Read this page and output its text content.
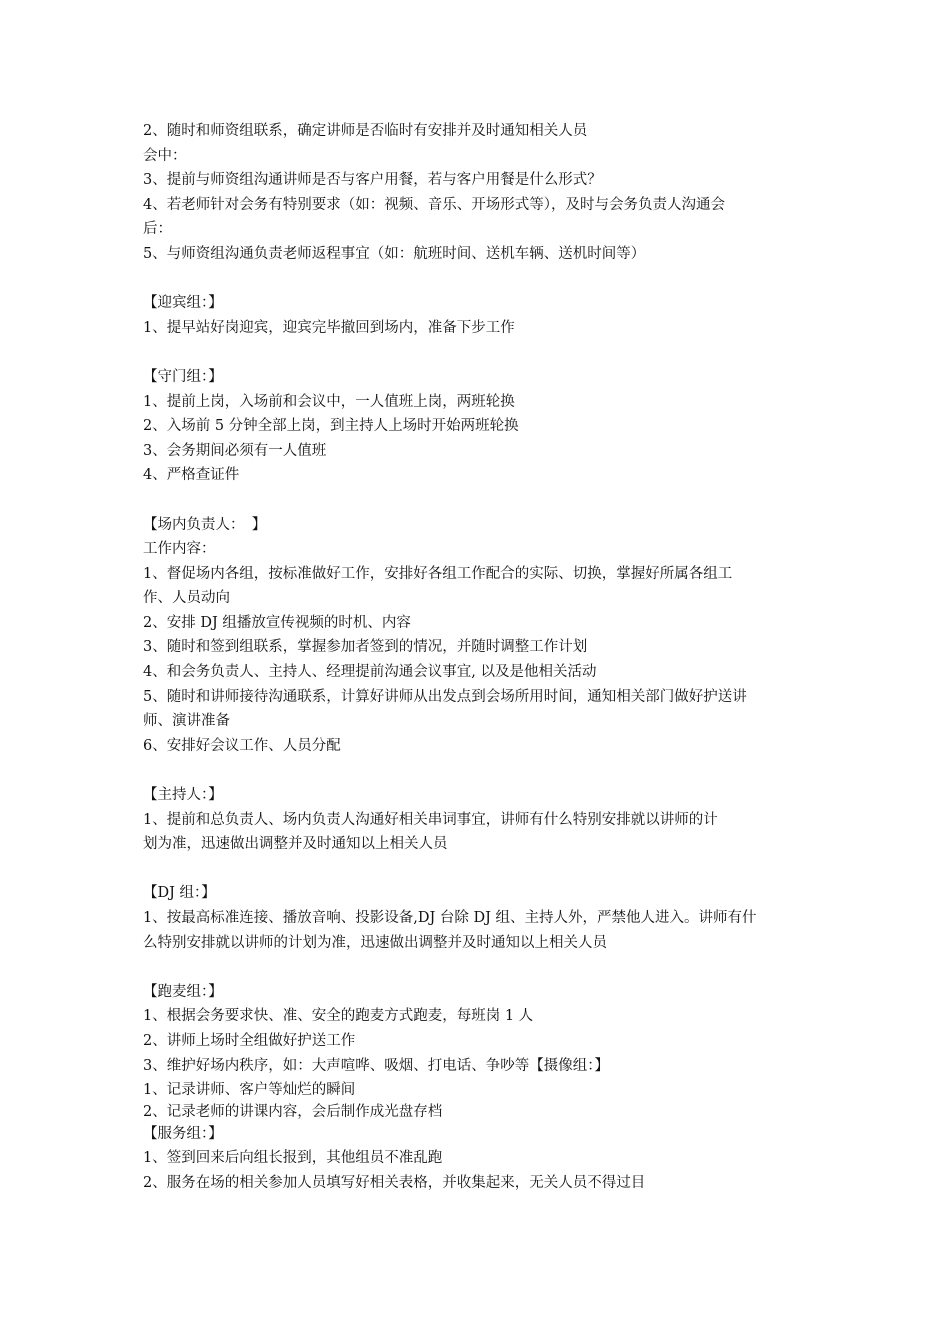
2、随时和师资组联系，确定讲师是否临时有安排并及时通知相关人员
会中：
3、提前与师资组沟通讲师是否与客户用餐，若与客户用餐是什么形式？
4、若老师针对会务有特别要求（如：视频、音乐、开场形式等），及时与会务负责人沟通会
后：
5、与师资组沟通负责老师返程事宜（如：航班时间、送机车辆、送机时间等）
【迎宾组：】
1、提早站好岗迎宾，迎宾完毕撤回到场内，准备下步工作
【守门组：】
1、提前上岗，入场前和会议中，一人值班上岗，两班轮换
2、入场前 5 分钟全部上岗，到主持人上场时开始两班轮换
3、会务期间必须有一人值班
4、严格查证件
【场内负责人：　】
工作内容：
1、督促场内各组，按标准做好工作，安排好各组工作配合的实际、切换，掌握好所属各组工
作、人员动向
2、安排 DJ 组播放宣传视频的时机、内容
3、随时和签到组联系，掌握参加者签到的情况，并随时调整工作计划
4、和会务负责人、主持人、经理提前沟通会议事宜, 以及是他相关活动
5、随时和讲师接待沟通联系，计算好讲师从出发点到会场所用时间，通知相关部门做好护送讲
师、演讲准备
6、安排好会议工作、人员分配
【主持人：】
1、提前和总负责人、场内负责人沟通好相关串词事宜，讲师有什么特别安排就以讲师的计
划为准，迅速做出调整并及时通知以上相关人员
【DJ 组：】
1、按最高标准连接、播放音响、投影设备,DJ 台除 DJ 组、主持人外，严禁他人进入。讲师有什
么特别安排就以讲师的计划为准，迅速做出调整并及时通知以上相关人员
【跑麦组：】
1、根据会务要求快、准、安全的跑麦方式跑麦，每班岗 1 人
2、讲师上场时全组做好护送工作
3、维护好场内秩序，如：大声喧哗、吸烟、打电话、争吵等【摄像组：】
1、记录讲师、客户等灿烂的瞬间
2、记录老师的讲课内容，会后制作成光盘存档
【服务组：】
1、签到回来后向组长报到，其他组员不准乱跑
2、服务在场的相关参加人员填写好相关表格，并收集起来，无关人员不得过目
